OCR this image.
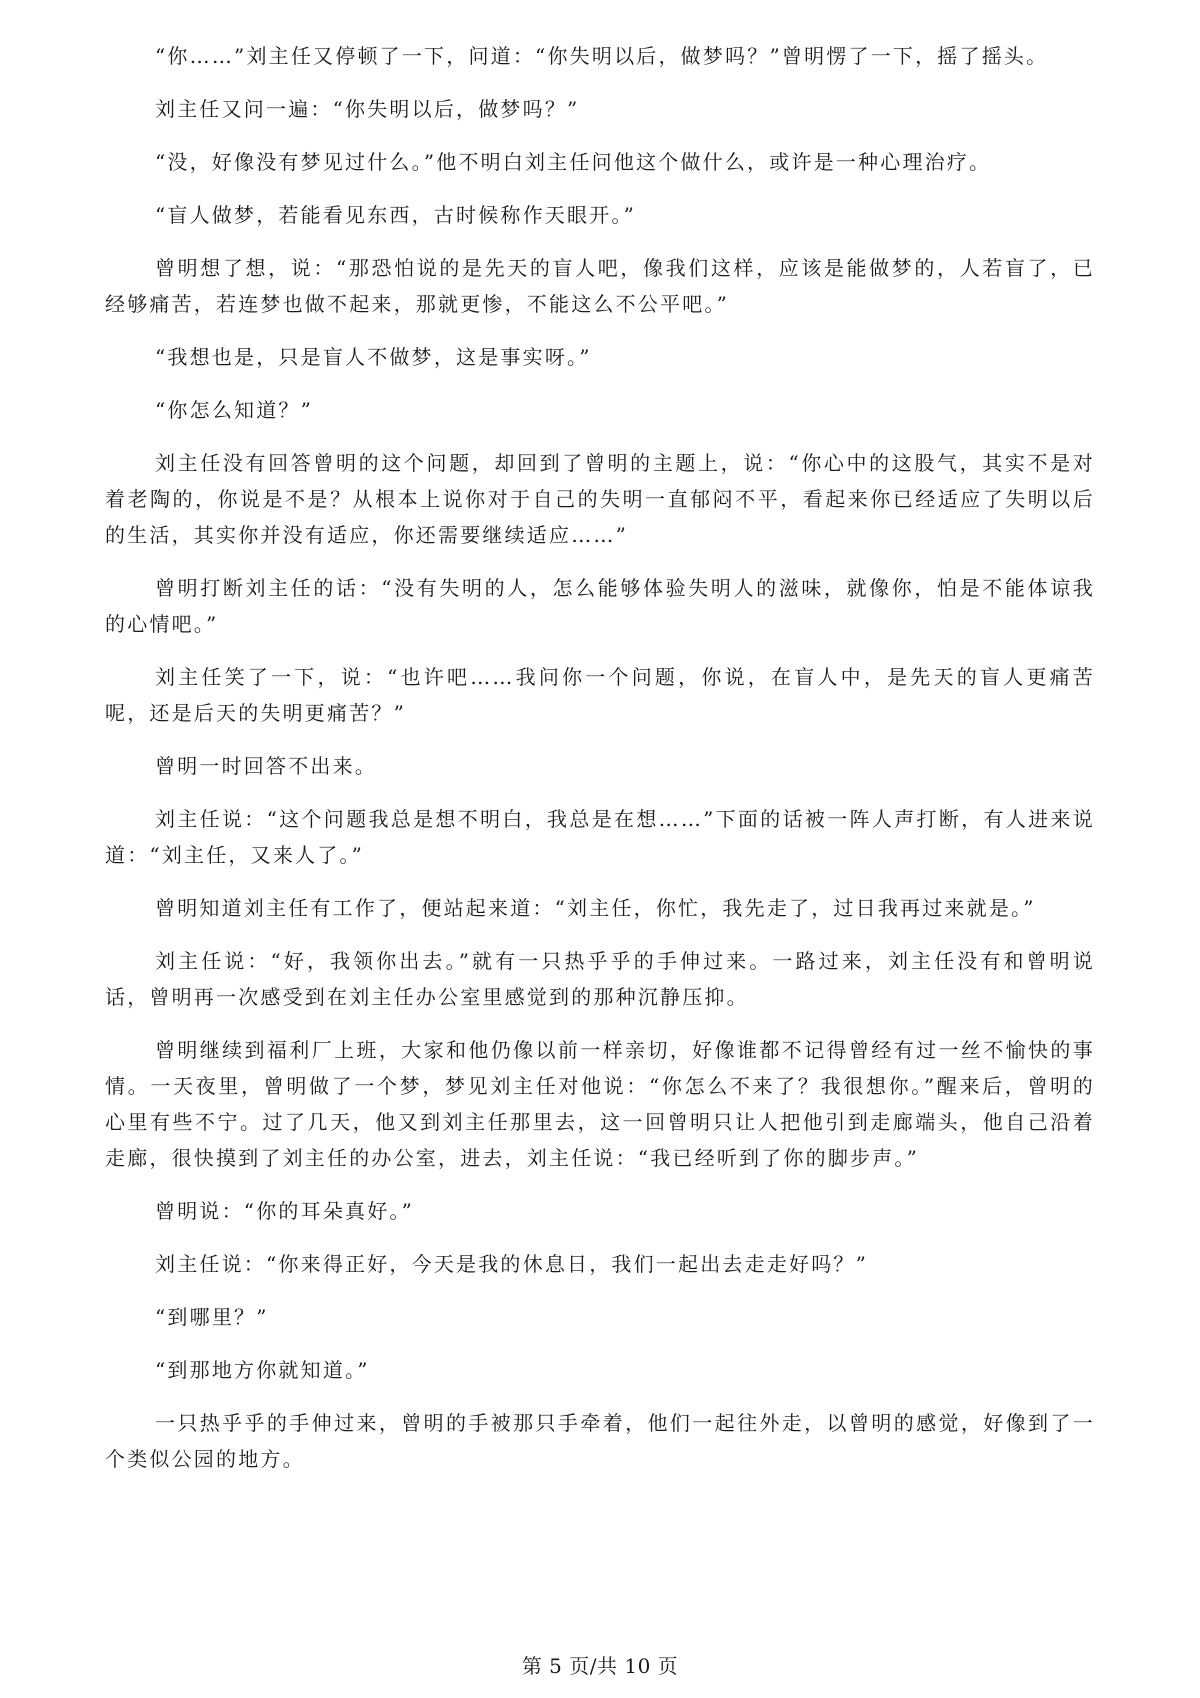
“你……”刘主任又停顿了一下，问道：“你失明以后，做梦吗？”曾明愣了一下，摇了摇头。

刘主任又问一遍：“你失明以后，做梦吗？”

“没，好像没有梦见过什么。”他不明白刘主任问他这个做什么，或许是一种心理治疗。

“盲人做梦，若能看见东西，古时候称作天眼开。”

曾明想了想，说：“那恐怕说的是先天的盲人吧，像我们这样，应该是能做梦的，人若盲了，已经够痛苦，若连梦也做不起来，那就更惨，不能这么不公平吧。”

“我想也是，只是盲人不做梦，这是事实呀。”

“你怎么知道？”

刘主任没有回答曾明的这个问题，却回到了曾明的主题上，说：“你心中的这股气，其实不是对着老陶的，你说是不是？从根本上说你对于自己的失明一直郁闷不平，看起来你已经适应了失明以后的生活，其实你并没有适应，你还需要继续适应……”

曾明打断刘主任的话：“没有失明的人，怎么能够体验失明人的滋味，就像你，怕是不能体谅我的心情吧。”

刘主任笑了一下，说：“也许吧……我问你一个问题，你说，在盲人中，是先天的盲人更痛苦呢，还是后天的失明更痛苦？”

曾明一时回答不出来。

刘主任说：“这个问题我总是想不明白，我总是在想……”下面的话被一阵人声打断，有人进来说道：“刘主任，又来人了。”

曾明知道刘主任有工作了，便站起来道：“刘主任，你忙，我先走了，过日我再过来就是。”

刘主任说：“好，我领你出去。”就有一只热乎乎的手伸过来。一路过来，刘主任没有和曾明说话，曾明再一次感受到在刘主任办公室里感觉到的那种沉静压抑。

曾明继续到福利厂上班，大家和他仍像以前一样亲切，好像谁都不记得曾经有过一丝不愉快的事情。一天夜里，曾明做了一个梦，梦见刘主任对他说：“你怎么不来了？我很想你。”醒来后，曾明的心里有些不宁。过了几天，他又到刘主任那里去，这一回曾明只让人把他引到走廊端头，他自己沿着走廊，很快摸到了刘主任的办公室，进去，刘主任说：“我已经听到了你的脚步声。”

曾明说：“你的耳朵真好。”

刘主任说：“你来得正好，今天是我的休息日，我们一起出去走走好吗？”

“到哪里？”

“到那地方你就知道。”

一只热乎乎的手伸过来，曾明的手被那只手牵着，他们一起往外走，以曾明的感觉，好像到了一个类似公园的地方。

第 5 页/共 10 页
